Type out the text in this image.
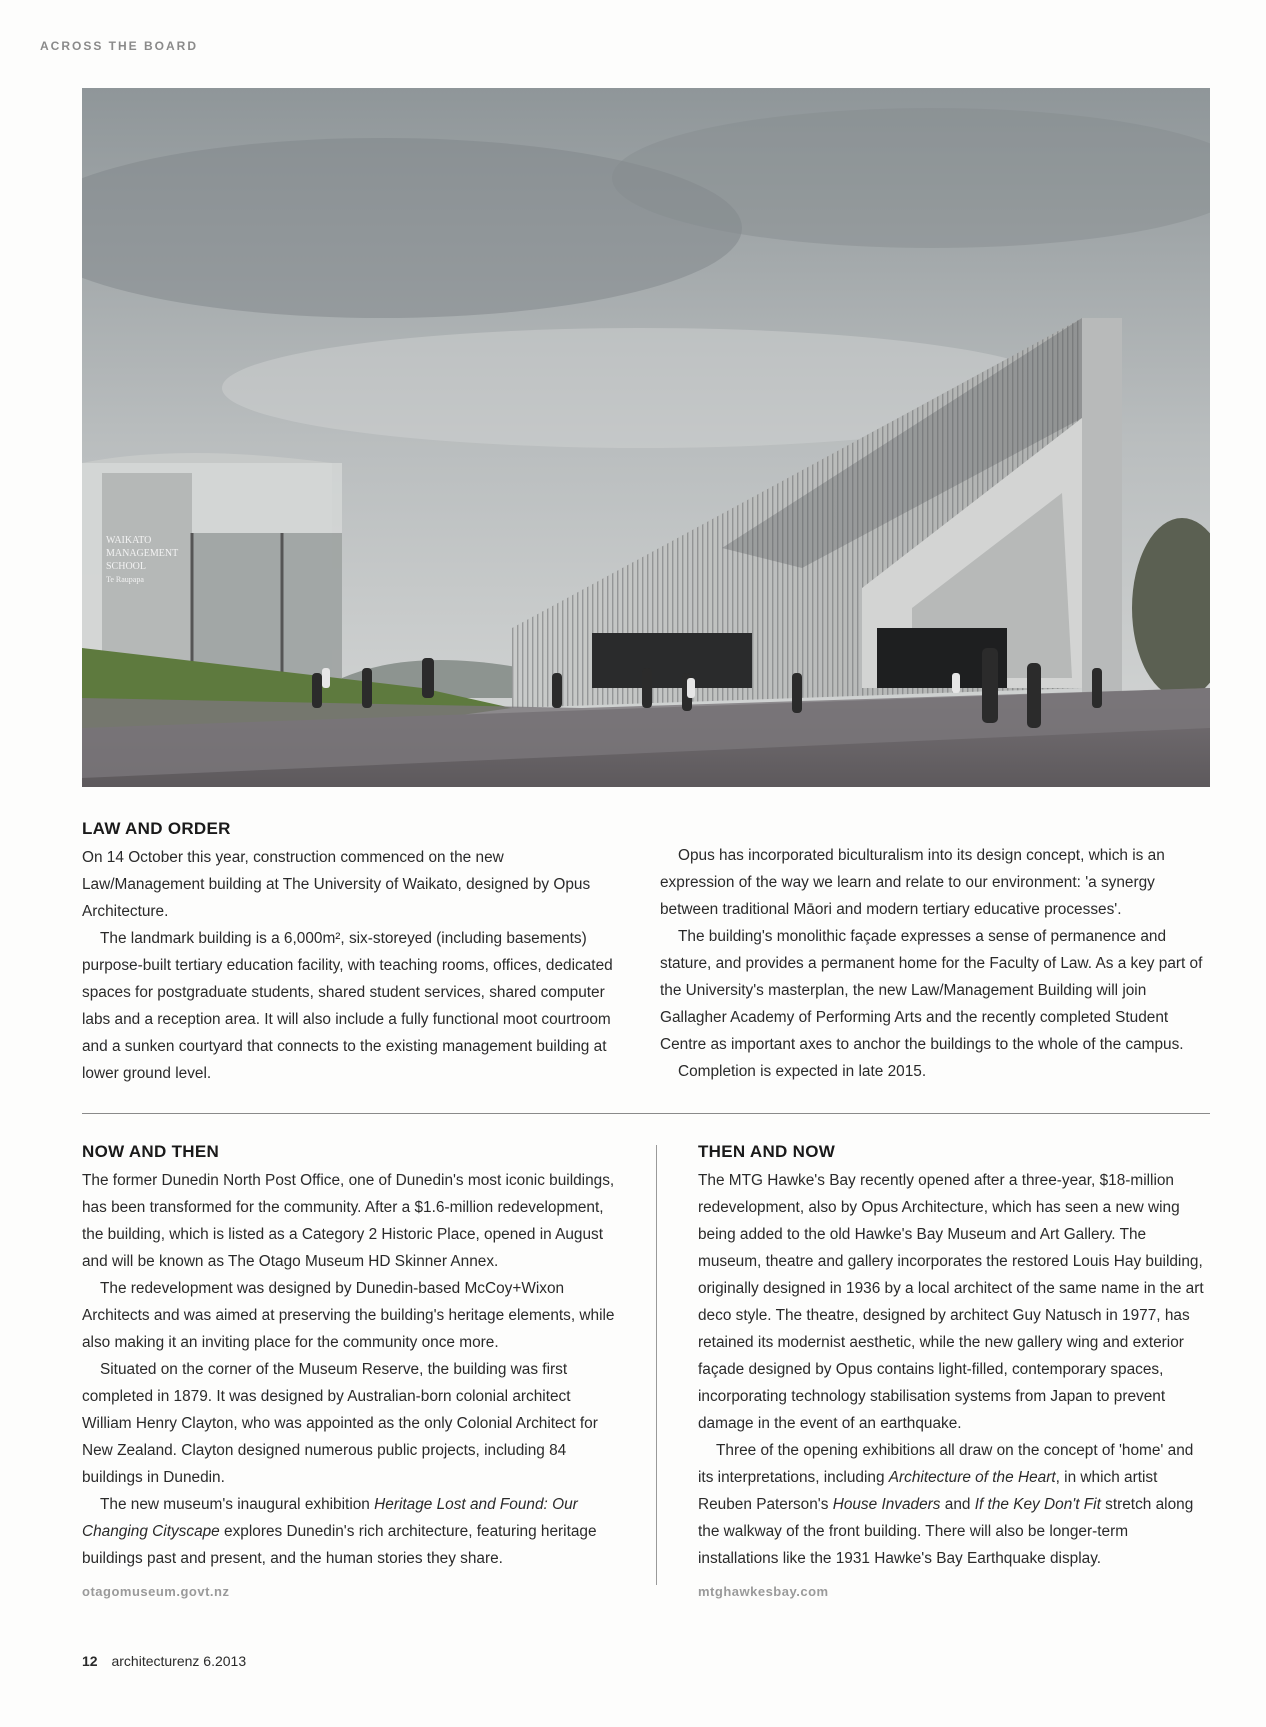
ACROSS THE BOARD
WAIKATO
MANAGEMENT
SCHOOL
Te Raupapa
LAW AND ORDER

On 14 October this year, construction commenced on the new Law/Management building at The University of Waikato, designed by Opus Architecture.

The landmark building is a 6,000m², six-storeyed (including basements) purpose-built tertiary education facility, with teaching rooms, offices, dedicated spaces for postgraduate students, shared student services, shared computer labs and a reception area. It will also include a fully functional moot courtroom and a sunken courtyard that connects to the existing management building at lower ground level.

Opus has incorporated biculturalism into its design concept, which is an expression of the way we learn and relate to our environment: 'a synergy between traditional Māori and modern tertiary educative processes'.

The building's monolithic façade expresses a sense of permanence and stature, and provides a permanent home for the Faculty of Law. As a key part of the University's masterplan, the new Law/Management Building will join Gallagher Academy of Performing Arts and the recently completed Student Centre as important axes to anchor the buildings to the whole of the campus.

Completion is expected in late 2015.

NOW AND THEN

The former Dunedin North Post Office, one of Dunedin's most iconic buildings, has been transformed for the community. After a $1.6-million redevelopment, the building, which is listed as a Category 2 Historic Place, opened in August and will be known as The Otago Museum HD Skinner Annex.

The redevelopment was designed by Dunedin-based McCoy+Wixon Architects and was aimed at preserving the building's heritage elements, while also making it an inviting place for the community once more.

Situated on the corner of the Museum Reserve, the building was first completed in 1879. It was designed by Australian-born colonial architect William Henry Clayton, who was appointed as the only Colonial Architect for New Zealand. Clayton designed numerous public projects, including 84 buildings in Dunedin.

The new museum's inaugural exhibition Heritage Lost and Found: Our Changing Cityscape explores Dunedin's rich architecture, featuring heritage buildings past and present, and the human stories they share.

otagomuseum.govt.nz
THEN AND NOW

The MTG Hawke's Bay recently opened after a three-year, $18-million redevelopment, also by Opus Architecture, which has seen a new wing being added to the old Hawke's Bay Museum and Art Gallery. The museum, theatre and gallery incorporates the restored Louis Hay building, originally designed in 1936 by a local architect of the same name in the art deco style. The theatre, designed by architect Guy Natusch in 1977, has retained its modernist aesthetic, while the new gallery wing and exterior façade designed by Opus contains light-filled, contemporary spaces, incorporating technology stabilisation systems from Japan to prevent damage in the event of an earthquake.

Three of the opening exhibitions all draw on the concept of 'home' and its interpretations, including Architecture of the Heart, in which artist Reuben Paterson's House Invaders and If the Key Don't Fit stretch along the walkway of the front building. There will also be longer-term installations like the 1931 Hawke's Bay Earthquake display.

mtghawkesbay.com
12 architecturenz 6.2013
